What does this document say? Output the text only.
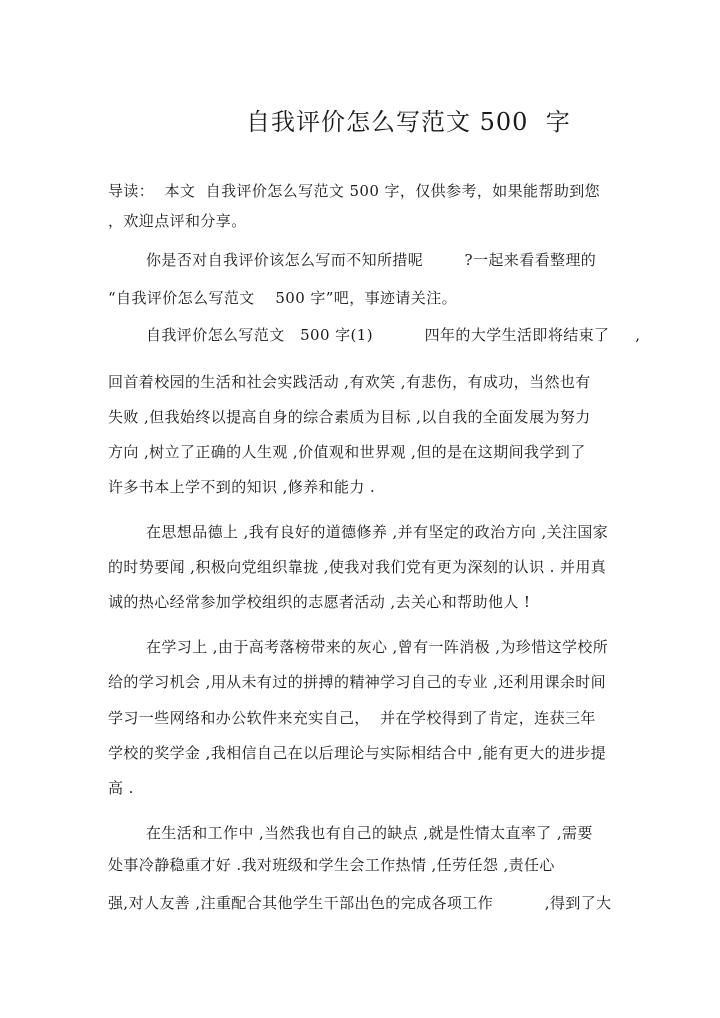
自我评价怎么写范文 500  字
导读：  本文  自我评价怎么写范文 500 字，仅供参考，如果能帮助到您
，欢迎点评和分享。
你是否对自我评价该怎么写而不知所措呢        ?一起来看看整理的
“自我评价怎么写范文    500 字”吧，事迹请关注。
自我评价怎么写范文   500 字(1)          四年的大学生活即将结束了     ,
回首着校园的生活和社会实践活动 ,有欢笑 ,有悲伤，有成功，当然也有
失败 ,但我始终以提高自身的综合素质为目标 ,以自我的全面发展为努力
方向 ,树立了正确的人生观 ,价值观和世界观 ,但的是在这期间我学到了
许多书本上学不到的知识 ,修养和能力 .
在思想品德上 ,我有良好的道德修养 ,并有坚定的政治方向 ,关注国家
的时势要闻 ,积极向党组织靠拢 ,使我对我们党有更为深刻的认识 . 并用真
诚的热心经常参加学校组织的志愿者活动 ,去关心和帮助他人 !
在学习上 ,由于高考落榜带来的灰心 ,曾有一阵消极 ,为珍惜这学校所
给的学习机会 ,用从未有过的拼搏的精神学习自己的专业 ,还利用课余时间
学习一些网络和办公软件来充实自己，  并在学校得到了肯定，连获三年
学校的奖学金 ,我相信自己在以后理论与实际相结合中 ,能有更大的进步提
高 .
在生活和工作中 ,当然我也有自己的缺点 ,就是性情太直率了 ,需要
处事冷静稳重才好 .我对班级和学生会工作热情 ,任劳任怨 ,责任心
强,对人友善 ,注重配合其他学生干部出色的完成各项工作          ,得到了大
